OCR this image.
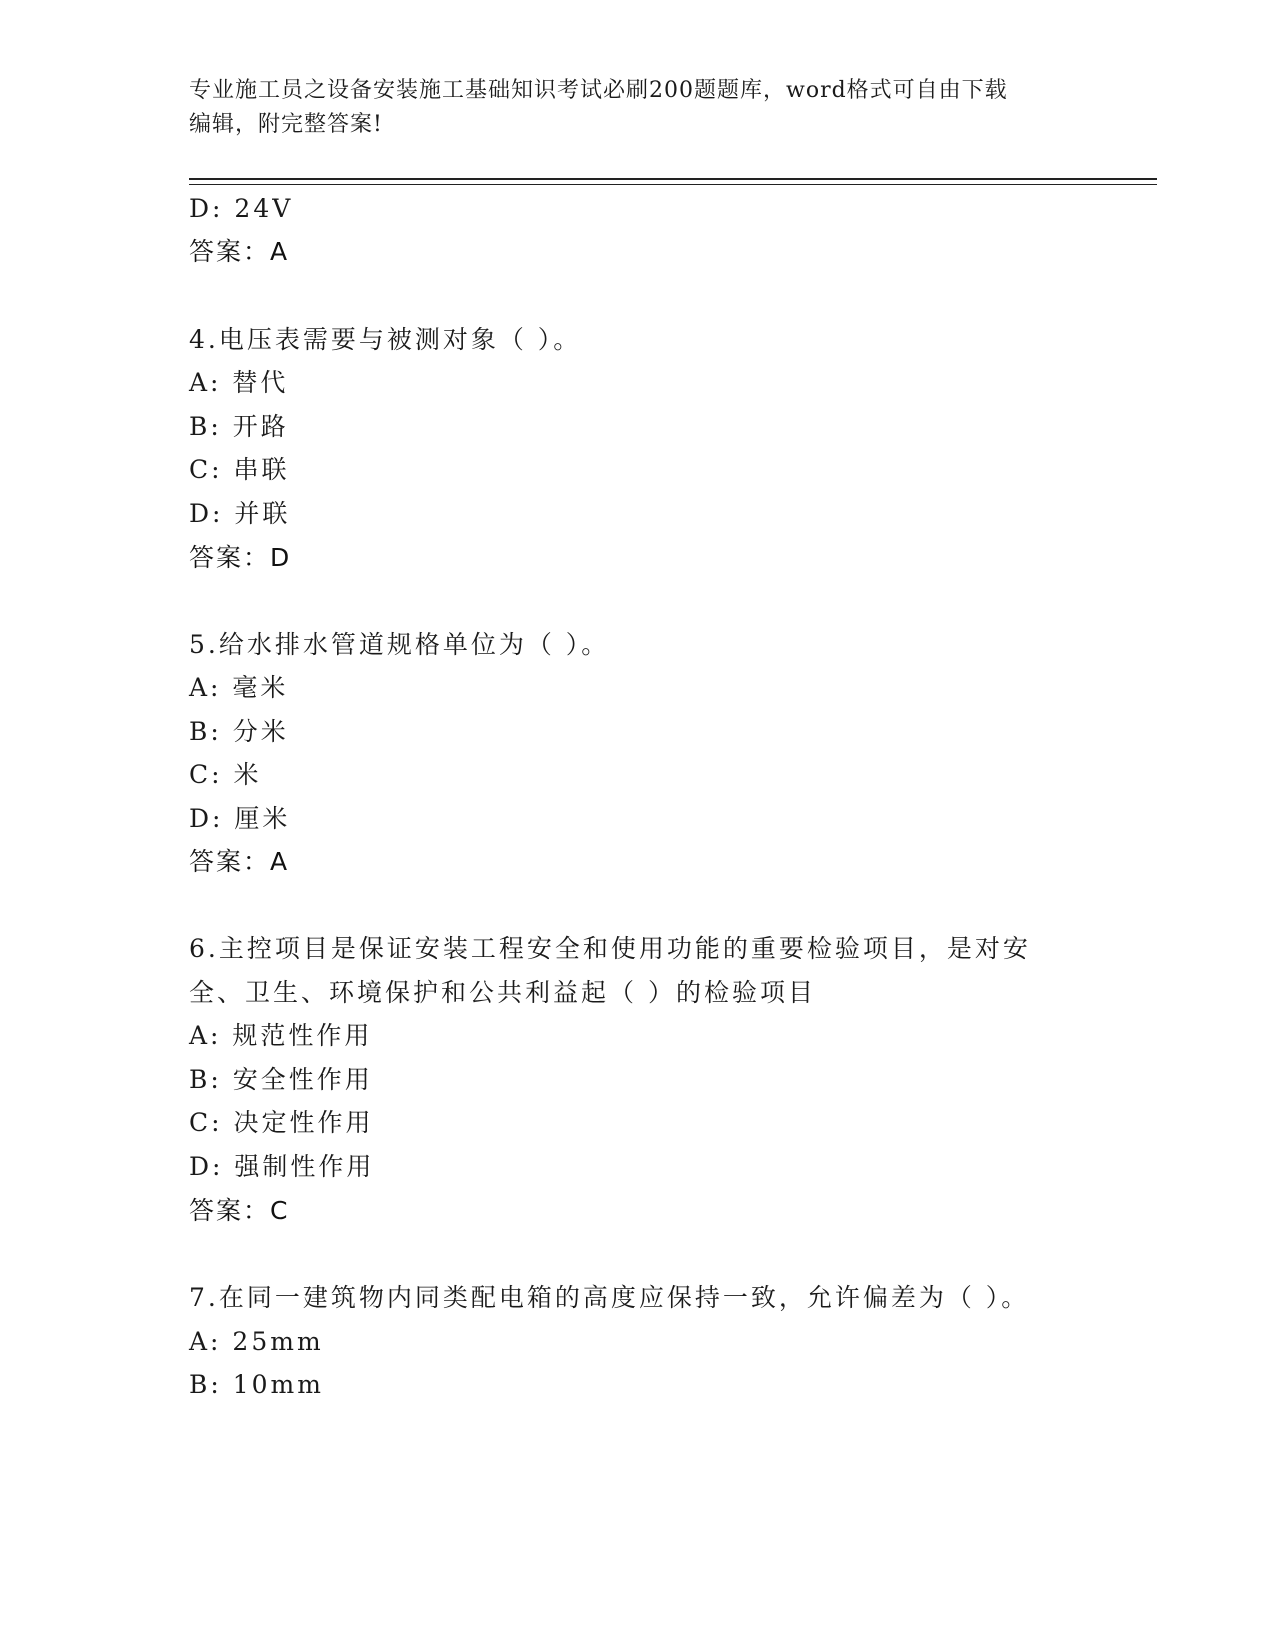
专业施工员之设备安装施工基础知识考试必刷200题题库，word格式可自由下载
编辑，附完整答案!
D: 24V
答案：A
4.电压表需要与被测对象（ ）。
A: 替代
B: 开路
C: 串联
D: 并联
答案：D
5.给水排水管道规格单位为（ ）。
A: 毫米
B: 分米
C: 米
D: 厘米
答案：A
6.主控项目是保证安装工程安全和使用功能的重要检验项目，是对安
全、卫生、环境保护和公共利益起（ ）的检验项目
A: 规范性作用
B: 安全性作用
C: 决定性作用
D: 强制性作用
答案：C
7.在同一建筑物内同类配电箱的高度应保持一致，允许偏差为（ ）。
A: 25mm
B: 10mm
